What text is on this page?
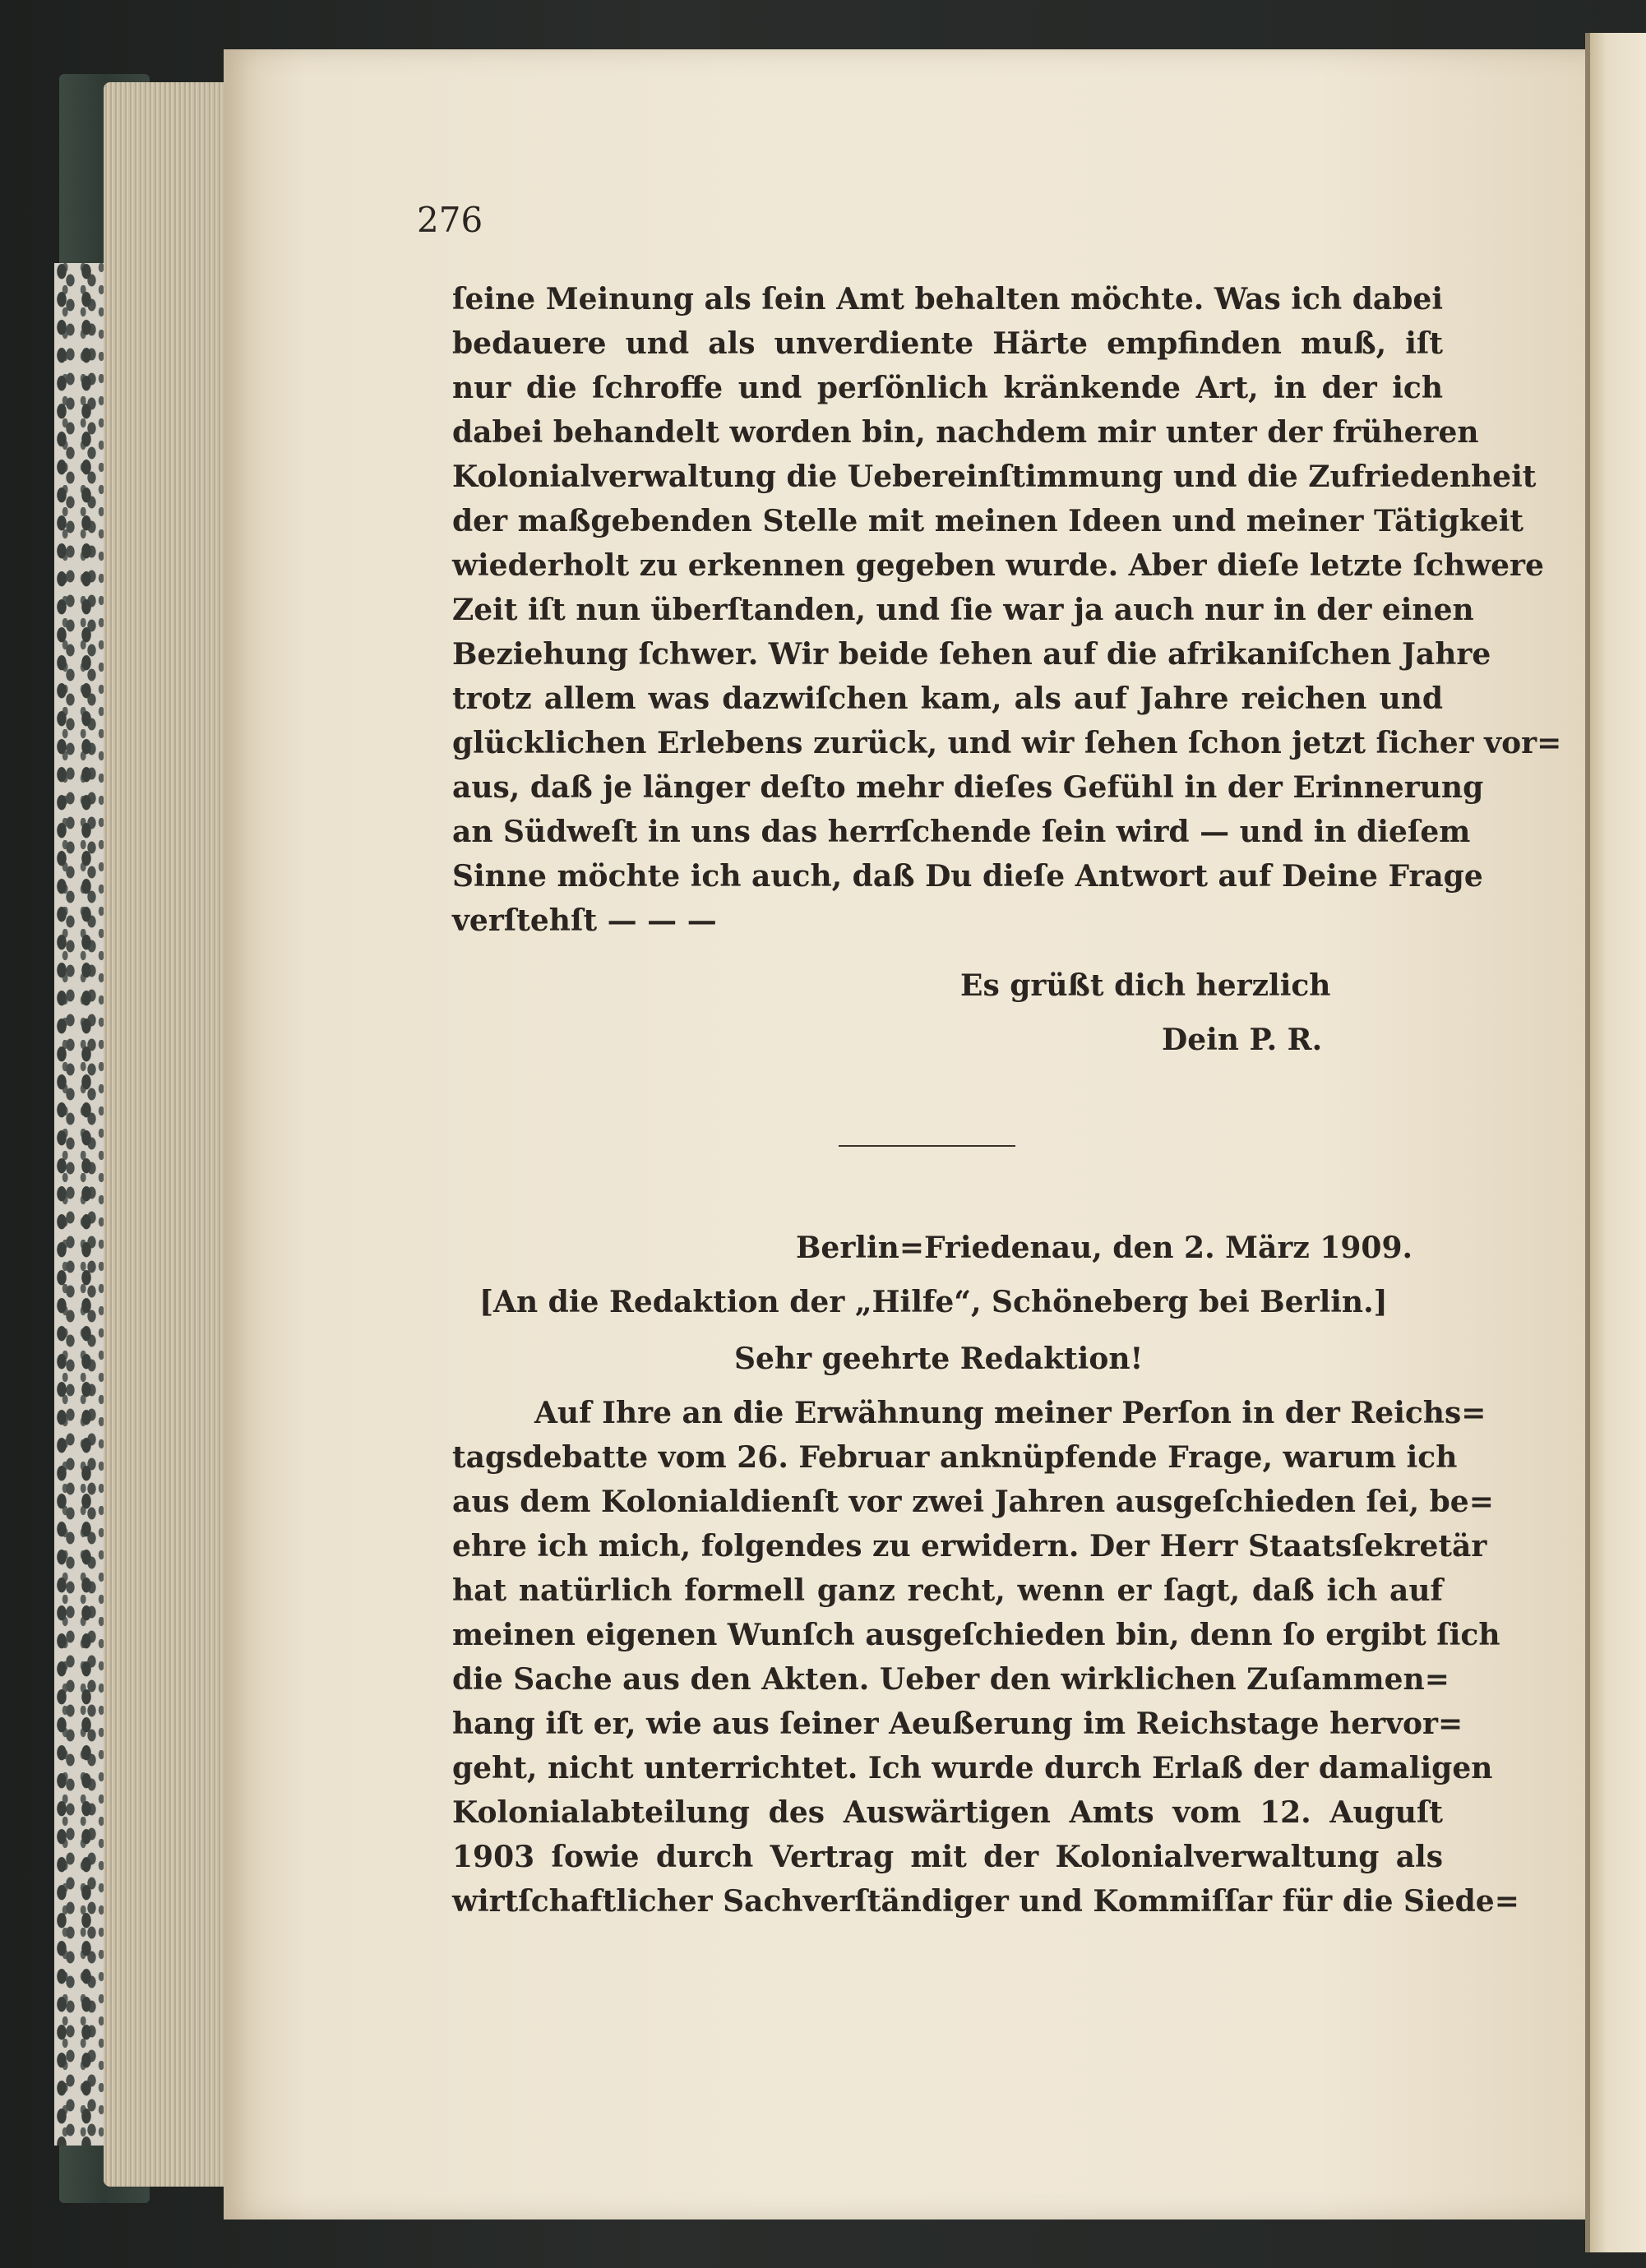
276

ſeine Meinung als ſein Amt behalten möchte. Was ich dabei
bedauere und als unverdiente Härte empfinden muß, iſt
nur die ſchroffe und perſönlich kränkende Art, in der ich
dabei behandelt worden bin, nachdem mir unter der früheren
Kolonialverwaltung die Uebereinſtimmung und die Zufriedenheit
der maßgebenden Stelle mit meinen Ideen und meiner Tätigkeit
wiederholt zu erkennen gegeben wurde. Aber dieſe letzte ſchwere
Zeit iſt nun überſtanden, und ſie war ja auch nur in der einen
Beziehung ſchwer. Wir beide ſehen auf die afrikaniſchen Jahre
trotz allem was dazwiſchen kam, als auf Jahre reichen und
glücklichen Erlebens zurück, und wir ſehen ſchon jetzt ſicher vor=
aus, daß je länger deſto mehr dieſes Gefühl in der Erinnerung
an Südweſt in uns das herrſchende ſein wird — und in dieſem
Sinne möchte ich auch, daß Du dieſe Antwort auf Deine Frage
verſtehſt — — —

Es grüßt dich herzlich

Dein P. R.

Berlin=Friedenau, den 2. März 1909.

[An die Redaktion der „Hilfe“, Schöneberg bei Berlin.]

Sehr geehrte Redaktion!

Auf Ihre an die Erwähnung meiner Perſon in der Reichs=
tagsdebatte vom 26. Februar anknüpfende Frage, warum ich
aus dem Kolonialdienſt vor zwei Jahren ausgeſchieden ſei, be=
ehre ich mich, folgendes zu erwidern. Der Herr Staatsſekretär
hat natürlich formell ganz recht, wenn er ſagt, daß ich auf
meinen eigenen Wunſch ausgeſchieden bin, denn ſo ergibt ſich
die Sache aus den Akten. Ueber den wirklichen Zuſammen=
hang iſt er, wie aus ſeiner Aeußerung im Reichstage hervor=
geht, nicht unterrichtet. Ich wurde durch Erlaß der damaligen
Kolonialabteilung des Auswärtigen Amts vom 12. Auguſt
1903 ſowie durch Vertrag mit der Kolonialverwaltung als
wirtſchaftlicher Sachverſtändiger und Kommiſſar für die Siede=
